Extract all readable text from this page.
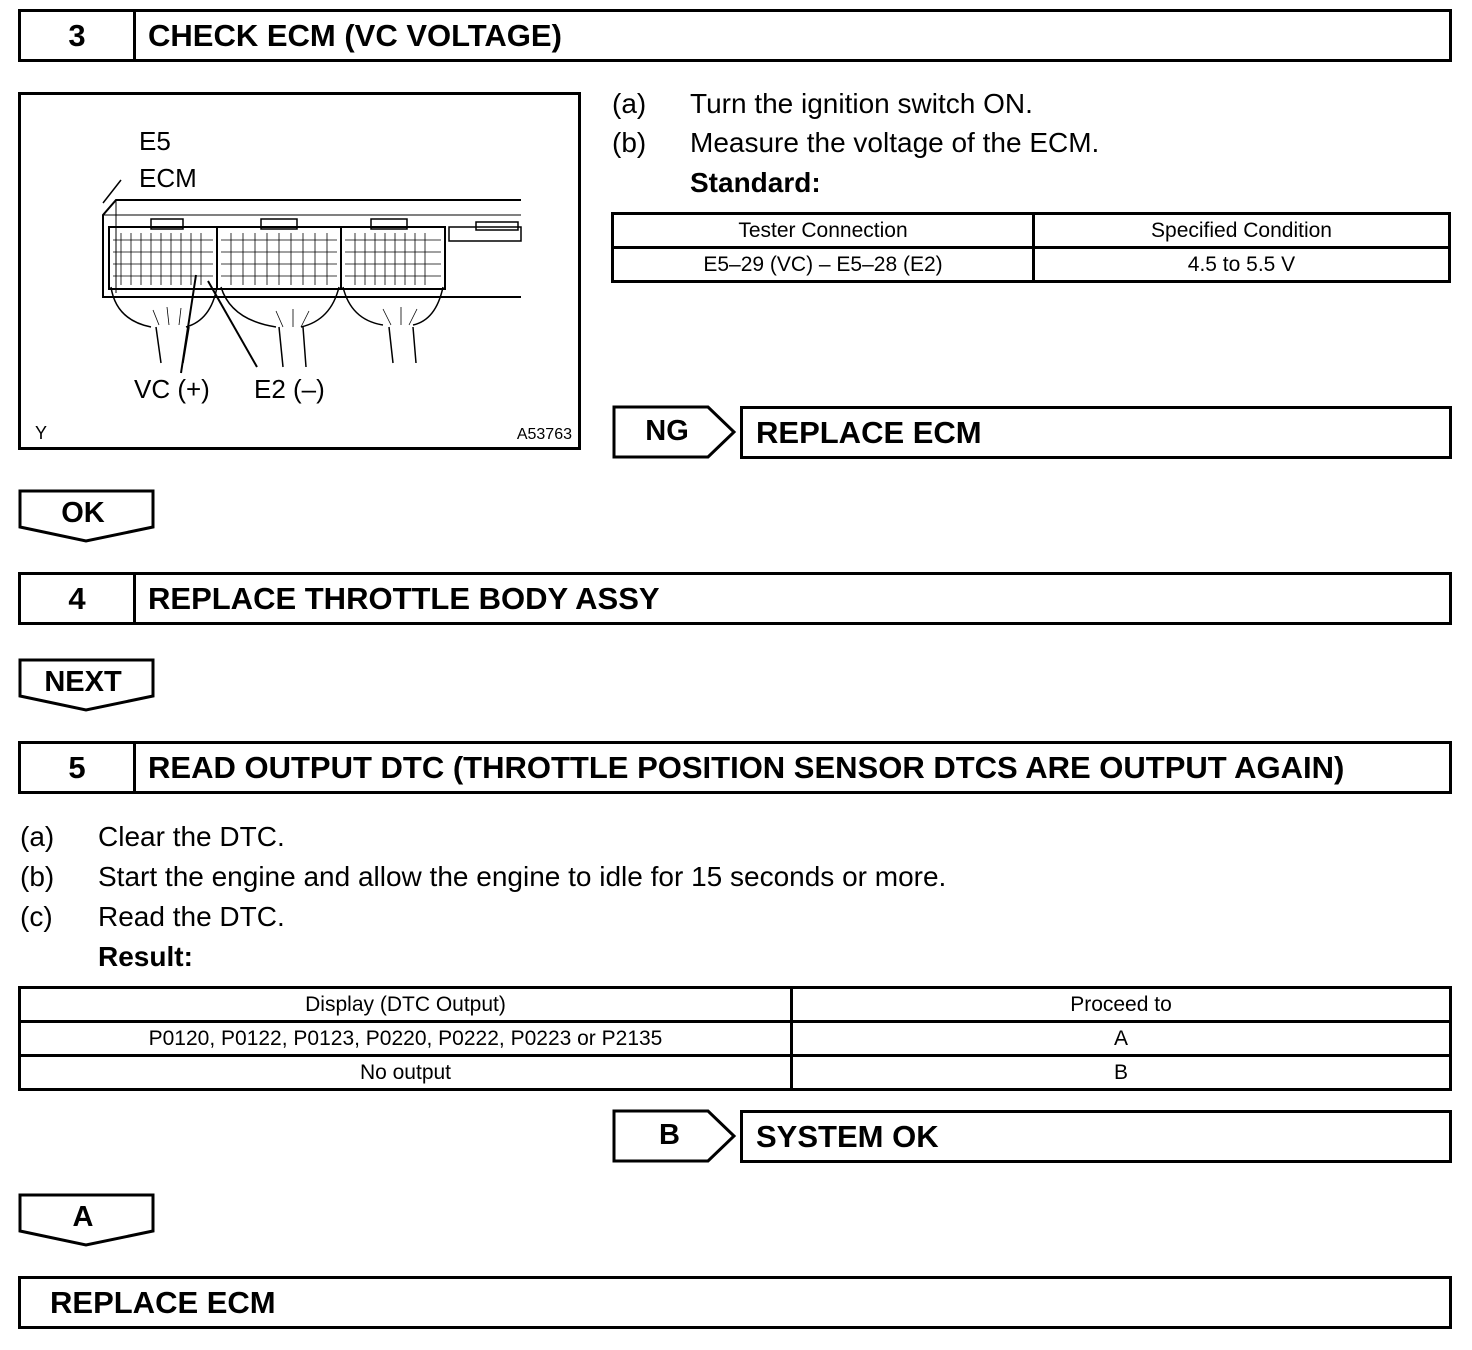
3	CHECK ECM (VC VOLTAGE)
E5
ECM
VC (+) E2 (–)
Y	A53763
(a) Turn the ignition switch ON.
(b) Measure the voltage of the ECM.
Standard:
Tester Connection	Specified Condition
E5–29 (VC) – E5–28 (E2)	4.5 to 5.5 V
NG	REPLACE ECM
OK
4	REPLACE THROTTLE BODY ASSY
NEXT
5	READ OUTPUT DTC (THROTTLE POSITION SENSOR DTCS ARE OUTPUT AGAIN)
(a) Clear the DTC.
(b) Start the engine and allow the engine to idle for 15 seconds or more.
(c) Read the DTC.
Result:
Display (DTC Output)	Proceed to
P0120, P0122, P0123, P0220, P0222, P0223 or P2135	A
No output	B
B	SYSTEM OK
A
REPLACE ECM
